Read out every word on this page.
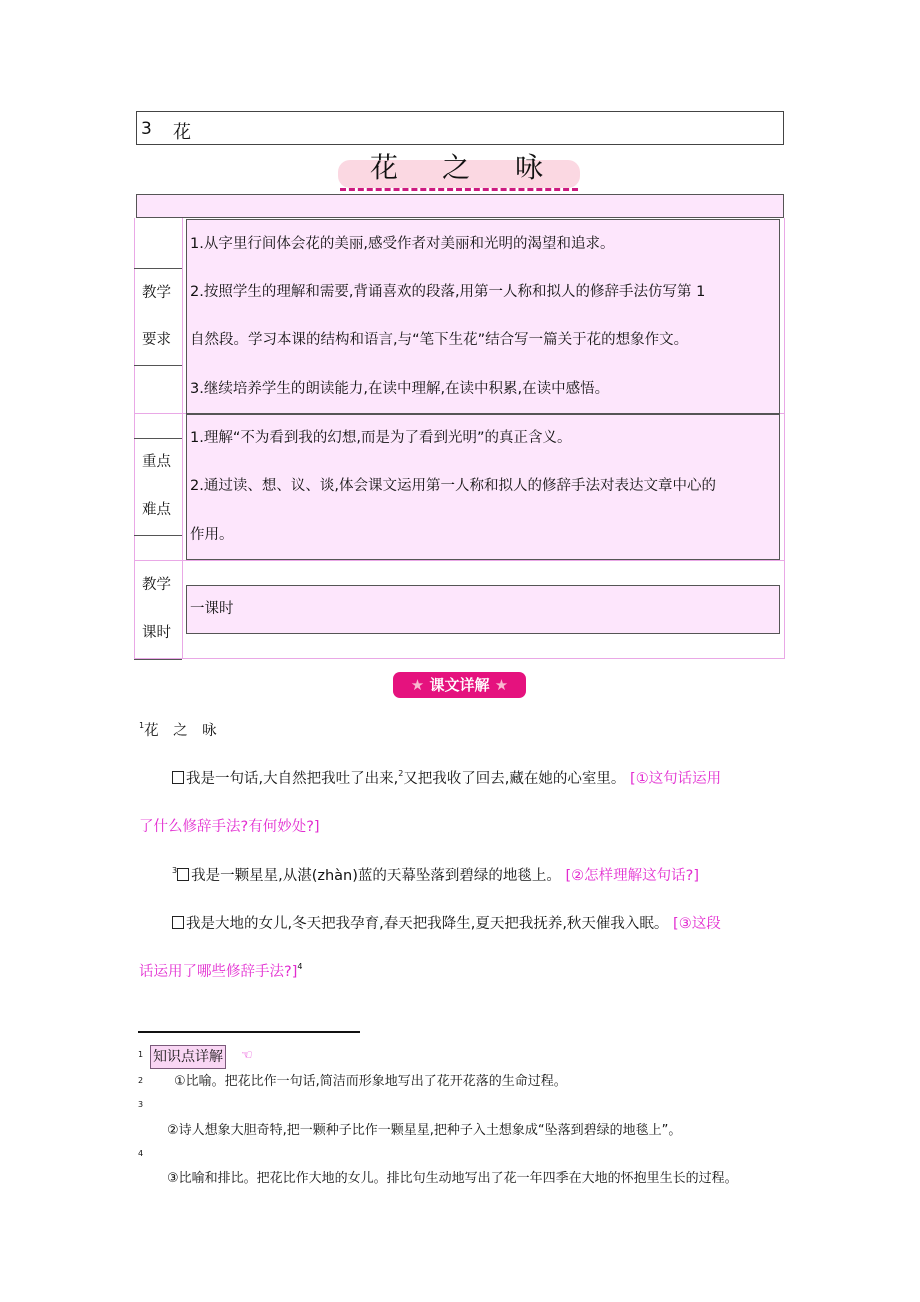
3 花
花 之 咏
教学
要求
1.从字里行间体会花的美丽,感受作者对美丽和光明的渴望和追求。
2.按照学生的理解和需要,背诵喜欢的段落,用第一人称和拟人的修辞手法仿写第 1
自然段。学习本课的结构和语言,与“笔下生花”结合写一篇关于花的想象作文。
3.继续培养学生的朗读能力,在读中理解,在读中积累,在读中感悟。
重点
难点
1.理解“不为看到我的幻想,而是为了看到光明”的真正含义。
2.通过读、想、议、谈,体会课文运用第一人称和拟人的修辞手法对表达文章中心的
作用。
教学
课时
一课时
★ 课文详解 ★
$^1$花　之　咏
我是一句话,大自然把我吐了出来,$^2$又把我收了回去,藏在她的心室里。 [①这句话运用
了什么修辞手法?有何妙处?]
$^3$ 我是一颗星星,从湛(zhàn)蓝的天幕坠落到碧绿的地毯上。 [②怎样理解这句话?]
我是大地的女儿,冬天把我孕育,春天把我降生,夏天把我抚养,秋天催我入眠。 [③这段
话运用了哪些修辞手法?]$^4$
1 知识点详解 ☜
2 ①比喻。把花比作一句话,简洁而形象地写出了花开花落的生命过程。
3
②诗人想象大胆奇特,把一颗种子比作一颗星星,把种子入土想象成“坠落到碧绿的地毯上”。
4
③比喻和排比。把花比作大地的女儿。排比句生动地写出了花一年四季在大地的怀抱里生长的过程。
